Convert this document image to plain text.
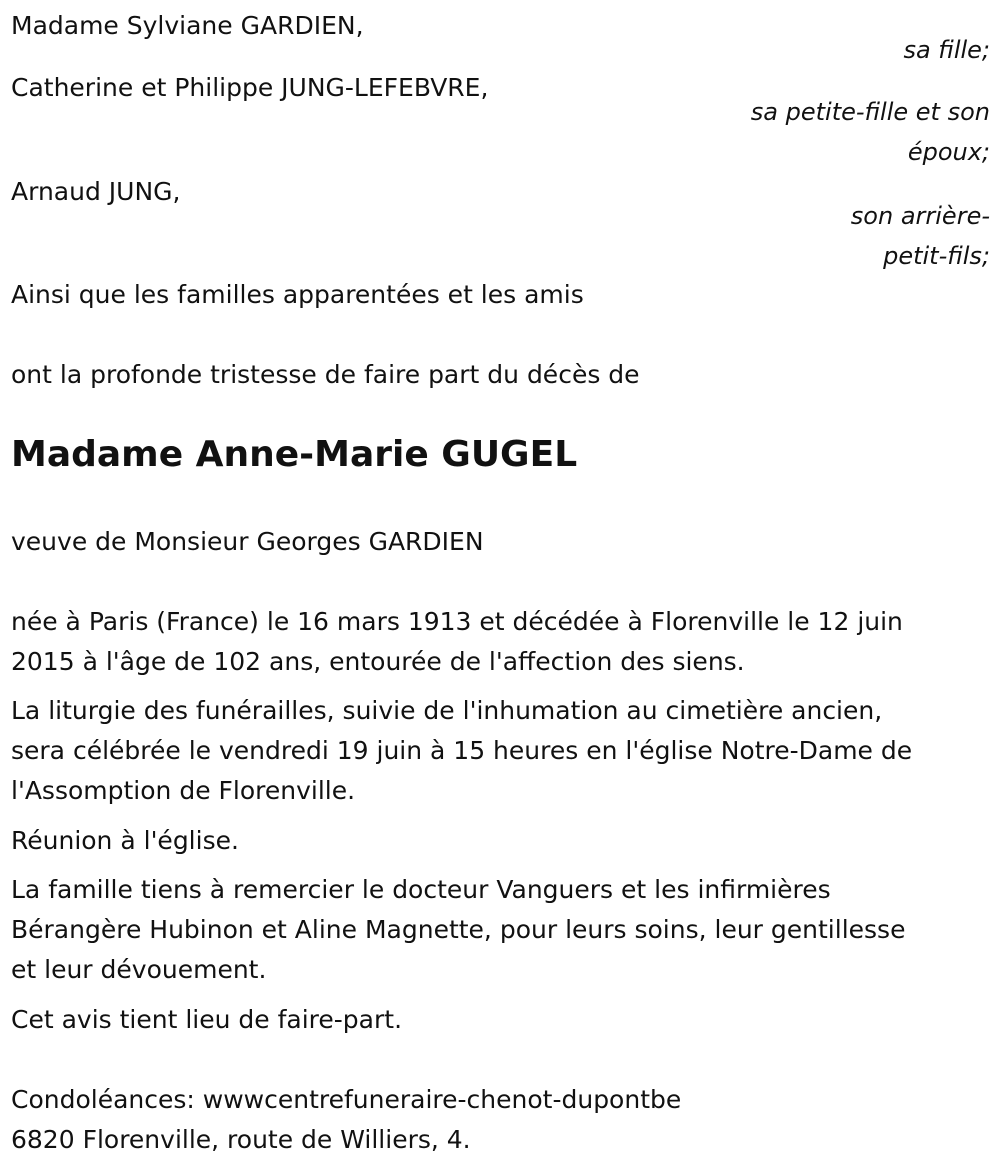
Madame Sylviane GARDIEN,
sa fille;
Catherine et Philippe JUNG-LEFEBVRE,
sa petite-fille et son
époux;
Arnaud JUNG,
son arrière-
petit-fils;
Ainsi que les familles apparentées et les amis
ont la profonde tristesse de faire part du décès de
Madame Anne-Marie GUGEL
veuve de Monsieur Georges GARDIEN
née à Paris (France) le 16 mars 1913 et décédée à Florenville le 12 juin
2015 à l'âge de 102 ans, entourée de l'affection des siens.
La liturgie des funérailles, suivie de l'inhumation au cimetière ancien,
sera célébrée le vendredi 19 juin à 15 heures en l'église Notre-Dame de
l'Assomption de Florenville.
Réunion à l'église.
La famille tiens à remercier le docteur Vanguers et les infirmières
Bérangère Hubinon et Aline Magnette, pour leurs soins, leur gentillesse
et leur dévouement.
Cet avis tient lieu de faire-part.
Condoléances: wwwcentrefuneraire-chenot-dupontbe
6820 Florenville, route de Williers, 4.
